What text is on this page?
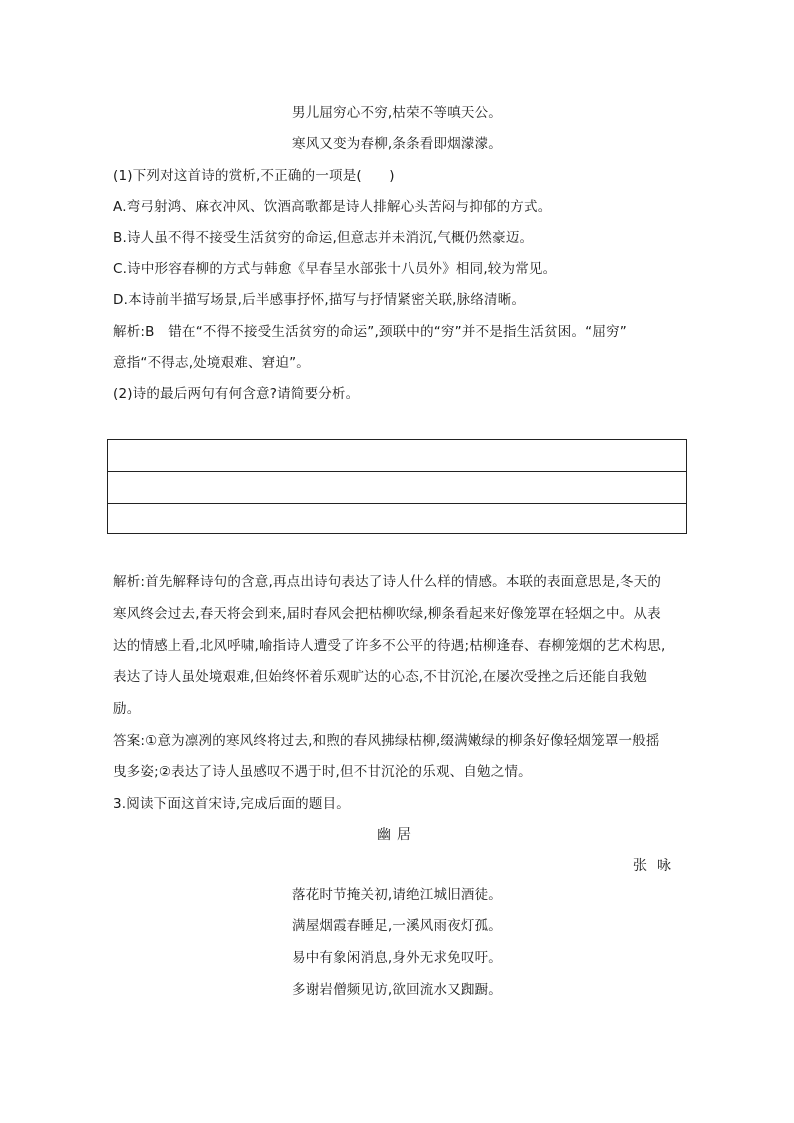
男儿屈穷心不穷,枯荣不等嗔天公。
寒风又变为春柳,条条看即烟濛濛。
(1)下列对这首诗的赏析,不正确的一项是(　　)
A.弯弓射鸿、麻衣冲风、饮酒高歌都是诗人排解心头苦闷与抑郁的方式。
B.诗人虽不得不接受生活贫穷的命运,但意志并未消沉,气概仍然豪迈。
C.诗中形容春柳的方式与韩愈《早春呈水部张十八员外》相同,较为常见。
D.本诗前半描写场景,后半感事抒怀,描写与抒情紧密关联,脉络清晰。
解析:B　错在“不得不接受生活贫穷的命运”,颈联中的“穷”并不是指生活贫困。“屈穷”
意指“不得志,处境艰难、窘迫”。
(2)诗的最后两句有何含意?请简要分析。
解析:首先解释诗句的含意,再点出诗句表达了诗人什么样的情感。本联的表面意思是,冬天的
寒风终会过去,春天将会到来,届时春风会把枯柳吹绿,柳条看起来好像笼罩在轻烟之中。从表
达的情感上看,北风呼啸,喻指诗人遭受了许多不公平的待遇;枯柳逢春、春柳笼烟的艺术构思,
表达了诗人虽处境艰难,但始终怀着乐观旷达的心态,不甘沉沦,在屡次受挫之后还能自我勉
励。
答案:①意为凛冽的寒风终将过去,和煦的春风拂绿枯柳,缀满嫩绿的柳条好像轻烟笼罩一般摇
曳多姿;②表达了诗人虽感叹不遇于时,但不甘沉沦的乐观、自勉之情。
3.阅读下面这首宋诗,完成后面的题目。
幽居
张咏
落花时节掩关初,请绝江城旧酒徒。
满屋烟霞春睡足,一溪风雨夜灯孤。
易中有象闲消息,身外无求免叹吁。
多谢岩僧频见访,欲回流水又踟蹰。
